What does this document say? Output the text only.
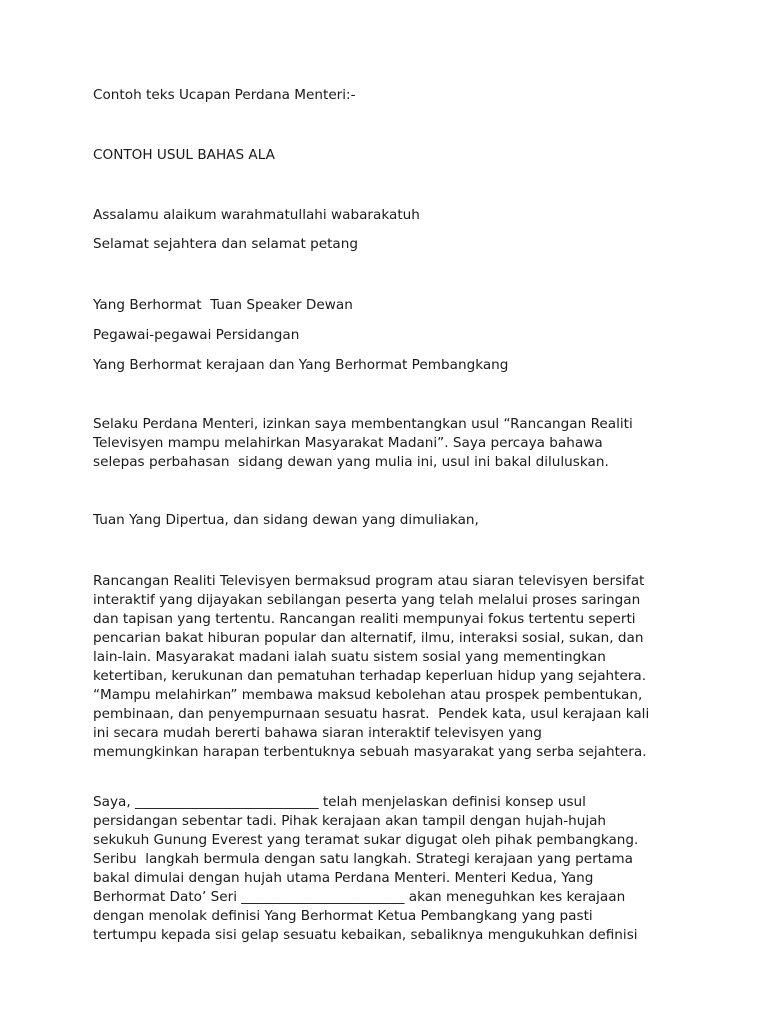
Contoh teks Ucapan Perdana Menteri:-

CONTOH USUL BAHAS ALA

Assalamu alaikum warahmatullahi wabarakatuh

Selamat sejahtera dan selamat petang

Yang Berhormat  Tuan Speaker Dewan

Pegawai-pegawai Persidangan

Yang Berhormat kerajaan dan Yang Berhormat Pembangkang

Selaku Perdana Menteri, izinkan saya membentangkan usul “Rancangan Realiti
Televisyen mampu melahirkan Masyarakat Madani”. Saya percaya bahawa
selepas perbahasan  sidang dewan yang mulia ini, usul ini bakal diluluskan.

Tuan Yang Dipertua, dan sidang dewan yang dimuliakan,

Rancangan Realiti Televisyen bermaksud program atau siaran televisyen bersifat
interaktif yang dijayakan sebilangan peserta yang telah melalui proses saringan
dan tapisan yang tertentu. Rancangan realiti mempunyai fokus tertentu seperti
pencarian bakat hiburan popular dan alternatif, ilmu, interaksi sosial, sukan, dan
lain-lain. Masyarakat madani ialah suatu sistem sosial yang mementingkan
ketertiban, kerukunan dan pematuhan terhadap keperluan hidup yang sejahtera.
“Mampu melahirkan” membawa maksud kebolehan atau prospek pembentukan,
pembinaan, dan penyempurnaan sesuatu hasrat.  Pendek kata, usul kerajaan kali
ini secara mudah bererti bahawa siaran interaktif televisyen yang
memungkinkan harapan terbentuknya sebuah masyarakat yang serba sejahtera.
Saya, ___________________________ telah menjelaskan definisi konsep usul
persidangan sebentar tadi. Pihak kerajaan akan tampil dengan hujah-hujah
sekukuh Gunung Everest yang teramat sukar digugat oleh pihak pembangkang.
Seribu  langkah bermula dengan satu langkah. Strategi kerajaan yang pertama
bakal dimulai dengan hujah utama Perdana Menteri. Menteri Kedua, Yang
Berhormat Dato’ Seri ________________________ akan meneguhkan kes kerajaan
dengan menolak definisi Yang Berhormat Ketua Pembangkang yang pasti
tertumpu kepada sisi gelap sesuatu kebaikan, sebaliknya mengukuhkan definisi
